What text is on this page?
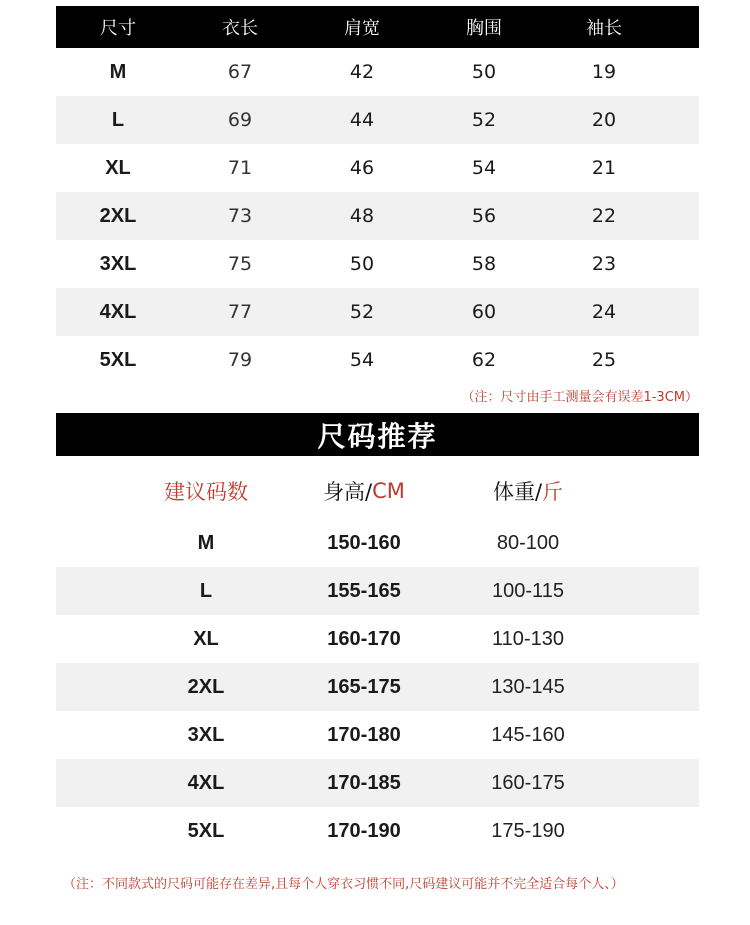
尺寸	衣长	肩宽	胸围	袖长
M	67	42	50	19
L	69	44	52	20
XL	71	46	54	21
2XL	73	48	56	22
3XL	75	50	58	23
4XL	77	52	60	24
5XL	79	54	62	25
（注：尺寸由手工测量会有误差1-3CM）
尺码推荐
建议码数	身高/ CM	体重/ 斤
M	150-160	80-100
L	155-165	100-115
XL	160-170	110-130
2XL	165-175	130-145
3XL	170-180	145-160
4XL	170-185	160-175
5XL	170-190	175-190
（注：不同款式的尺码可能存在差异,且每个人穿衣习惯不同,尺码建议可能并不完全适合每个人、）
